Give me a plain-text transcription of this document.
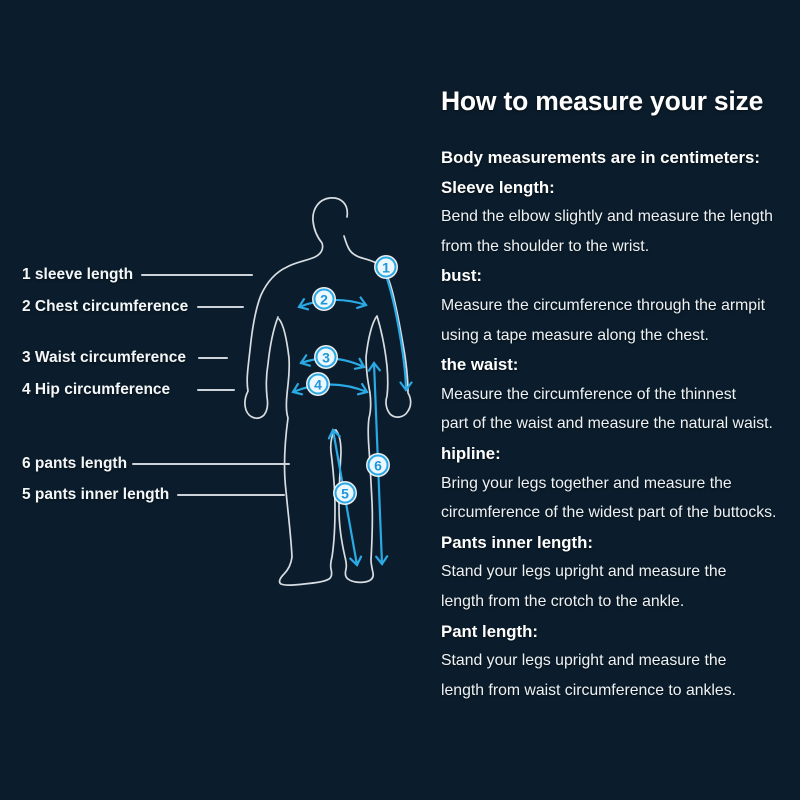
1
2
3
4
5
6
1 sleeve length
2 Chest circumference
3 Waist circumference
4 Hip circumference
6 pants length
5 pants inner length
How to measure your size
Body measurements are in centimeters:
Sleeve length:
Bend the elbow slightly and measure the length
from the shoulder to the wrist.
bust:
Measure the circumference through the armpit
using a tape measure along the chest.
the waist:
Measure the circumference of the thinnest
part of the waist and measure the natural waist.
hipline:
Bring your legs together and measure the
circumference of the widest part of the buttocks.
Pants inner length:
Stand your legs upright and measure the
length from the crotch to the ankle.
Pant length:
Stand your legs upright and measure the
length from waist circumference to ankles.
